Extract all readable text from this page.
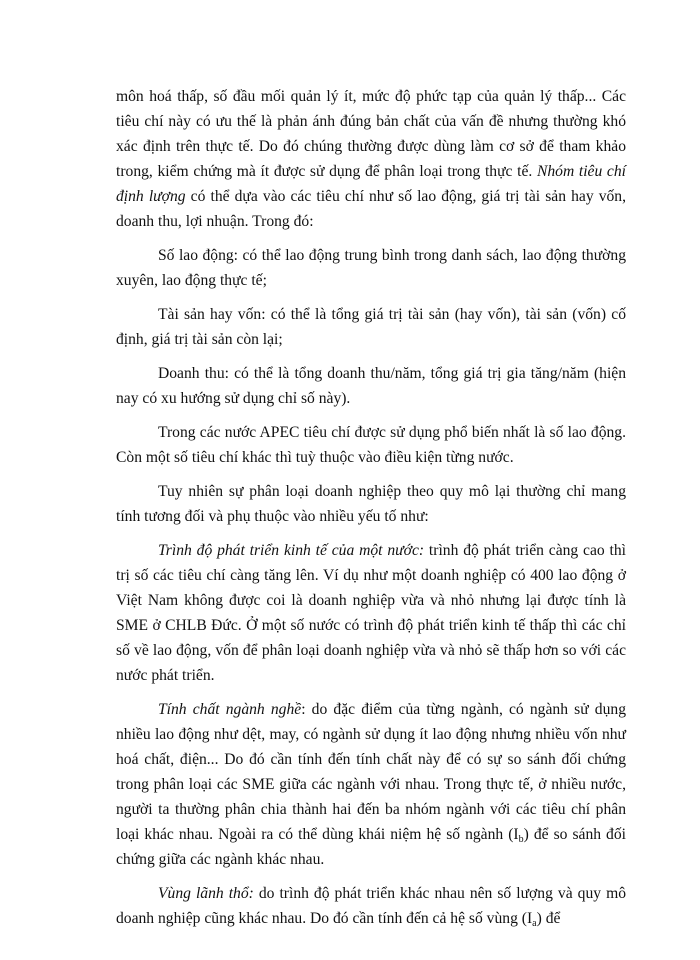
môn hoá thấp, số đầu mối quản lý ít, mức độ phức tạp của quản lý thấp... Các tiêu chí này có ưu thế là phản ánh đúng bản chất của vấn đề nhưng thường khó xác định trên thực tế. Do đó chúng thường được dùng làm cơ sở để tham khảo trong, kiểm chứng mà ít được sử dụng để phân loại trong thực tế. Nhóm tiêu chí định lượng có thể dựa vào các tiêu chí như số lao động, giá trị tài sản hay vốn, doanh thu, lợi nhuận. Trong đó:

Số lao động: có thể lao động trung bình trong danh sách, lao động thường xuyên, lao động thực tế;

Tài sản hay vốn: có thể là tổng giá trị tài sản (hay vốn), tài sản (vốn) cố định, giá trị tài sản còn lại;

Doanh thu: có thể là tổng doanh thu/năm, tổng giá trị gia tăng/năm (hiện nay có xu hướng sử dụng chỉ số này).

Trong các nước APEC tiêu chí được sử dụng phổ biến nhất là số lao động. Còn một số tiêu chí khác thì tuỳ thuộc vào điều kiện từng nước.

Tuy nhiên sự phân loại doanh nghiệp theo quy mô lại thường chỉ mang tính tương đối và phụ thuộc vào nhiều yếu tố như:

Trình độ phát triển kinh tế của một nước: trình độ phát triển càng cao thì trị số các tiêu chí càng tăng lên. Ví dụ như một doanh nghiệp có 400 lao động ở Việt Nam không được coi là doanh nghiệp vừa và nhỏ nhưng lại được tính là SME ở CHLB Đức. Ở một số nước có trình độ phát triển kinh tế thấp thì các chỉ số về lao động, vốn để phân loại doanh nghiệp vừa và nhỏ sẽ thấp hơn so với các nước phát triển.

Tính chất ngành nghề: do đặc điểm của từng ngành, có ngành sử dụng nhiều lao động như dệt, may, có ngành sử dụng ít lao động nhưng nhiều vốn như hoá chất, điện... Do đó cần tính đến tính chất này để có sự so sánh đối chứng trong phân loại các SME giữa các ngành với nhau. Trong thực tế, ở nhiều nước, người ta thường phân chia thành hai đến ba nhóm ngành với các tiêu chí phân loại khác nhau. Ngoài ra có thể dùng khái niệm hệ số ngành $(I_b)$ để so sánh đối chứng giữa các ngành khác nhau.

Vùng lãnh thổ: do trình độ phát triển khác nhau nên số lượng và quy mô doanh nghiệp cũng khác nhau. Do đó cần tính đến cả hệ số vùng $(I_a)$ để
